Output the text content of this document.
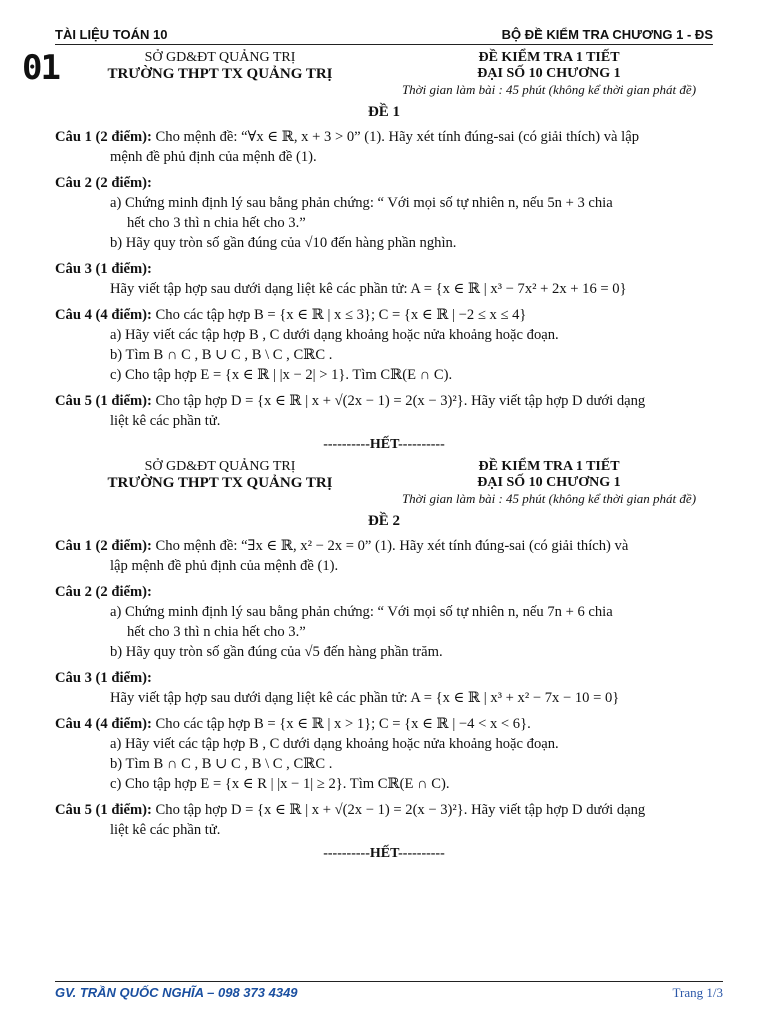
TÀI LIỆU TOÁN 10	BỘ ĐỀ KIỂM TRA CHƯƠNG 1 - ĐS
01	SỞ GD&ĐT QUẢNG TRỊ
TRƯỜNG THPT TX QUẢNG TRỊ
ĐỀ KIỂM TRA 1 TIẾT
ĐẠI SỐ 10 CHƯƠNG 1
Thời gian làm bài : 45 phút (không kể thời gian phát đề)
ĐỀ 1
Câu 1 (2 điểm): Cho mệnh đề: “∀x ∈ ℝ, x + 3 > 0” (1). Hãy xét tính đúng-sai (có giải thích) và lập
mệnh đề phủ định của mệnh đề (1).
Câu 2 (2 điểm):
a) Chứng minh định lý sau bằng phản chứng: “ Với mọi số tự nhiên n, nếu 5n + 3 chia
hết cho 3 thì n chia hết cho 3.”
b) Hãy quy tròn số gần đúng của √10 đến hàng phần nghìn.
Câu 3 (1 điểm):
Hãy viết tập hợp sau dưới dạng liệt kê các phần tử: A = {x ∈ ℝ | x³ − 7x² + 2x + 16 = 0}
Câu 4 (4 điểm): Cho các tập hợp B = {x ∈ ℝ | x ≤ 3}; C = {x ∈ ℝ | −2 ≤ x ≤ 4}
a) Hãy viết các tập hợp B , C dưới dạng khoảng hoặc nửa khoảng hoặc đoạn.
b) Tìm B ∩ C , B ∪ C , B \ C , CℝC .
c) Cho tập hợp E = {x ∈ ℝ | |x − 2| > 1}. Tìm Cℝ(E ∩ C).
Câu 5 (1 điểm): Cho tập hợp D = {x ∈ ℝ | x + √(2x − 1) = 2(x − 3)²}. Hãy viết tập hợp D dưới dạng
liệt kê các phần tử.
----------HẾT----------
SỞ GD&ĐT QUẢNG TRỊ
TRƯỜNG THPT TX QUẢNG TRỊ
ĐỀ KIỂM TRA 1 TIẾT
ĐẠI SỐ 10 CHƯƠNG 1
Thời gian làm bài : 45 phút (không kể thời gian phát đề)
ĐỀ 2
Câu 1 (2 điểm): Cho mệnh đề: “∃x ∈ ℝ, x² − 2x = 0” (1). Hãy xét tính đúng-sai (có giải thích) và
lập mệnh đề phủ định của mệnh đề (1).
Câu 2 (2 điểm):
a) Chứng minh định lý sau bằng phản chứng: “ Với mọi số tự nhiên n, nếu 7n + 6 chia
hết cho 3 thì n chia hết cho 3.”
b) Hãy quy tròn số gần đúng của √5 đến hàng phần trăm.
Câu 3 (1 điểm):
Hãy viết tập hợp sau dưới dạng liệt kê các phần tử: A = {x ∈ ℝ | x³ + x² − 7x − 10 = 0}
Câu 4 (4 điểm): Cho các tập hợp B = {x ∈ ℝ | x > 1}; C = {x ∈ ℝ | −4 < x < 6}.
a) Hãy viết các tập hợp B , C dưới dạng khoảng hoặc nửa khoảng hoặc đoạn.
b) Tìm B ∩ C , B ∪ C , B \ C , CℝC .
c) Cho tập hợp E = {x ∈ R | |x − 1| ≥ 2}. Tìm Cℝ(E ∩ C).
Câu 5 (1 điểm): Cho tập hợp D = {x ∈ ℝ | x + √(2x − 1) = 2(x − 3)²}. Hãy viết tập hợp D dưới dạng
liệt kê các phần tử.
----------HẾT----------
GV. TRẦN QUỐC NGHĨA – 098 373 4349	Trang 1/3
